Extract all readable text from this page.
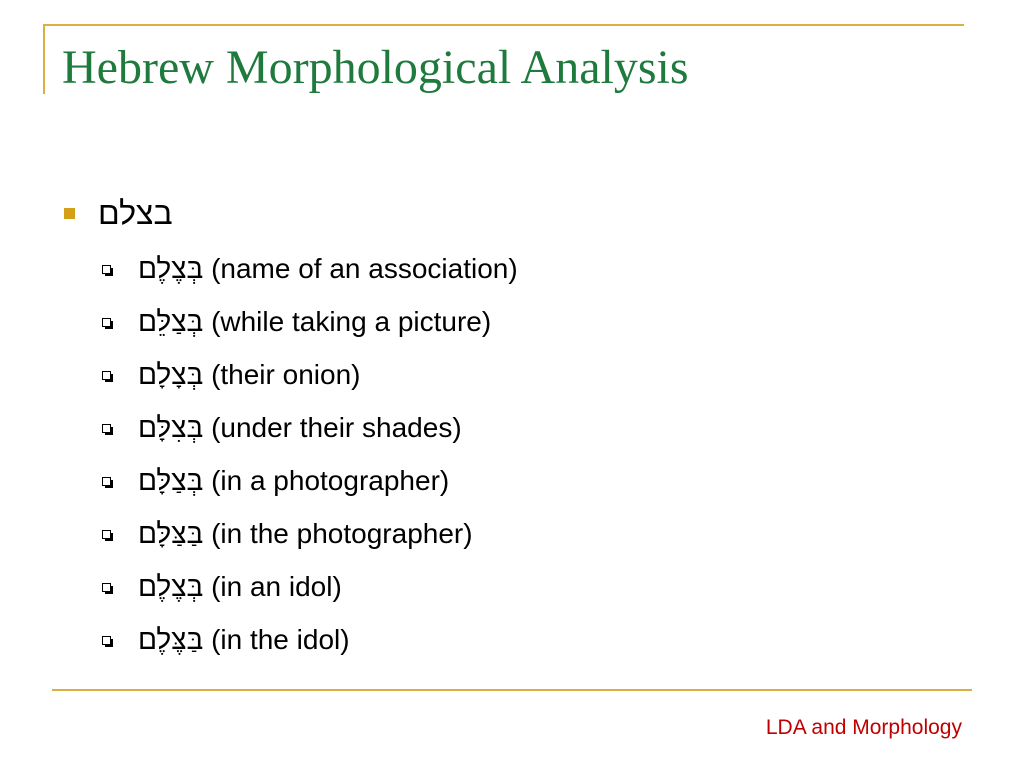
Hebrew Morphological Analysis
בצלם
בְּצֶלֶם (name of an association)
בְּצַלֵּם (while taking a picture)
בְּצָלָם (their onion)
בְּצִלָּם (under their shades)
בְּצַלָּם (in a photographer)
בַּצַּלָּם (in the photographer)
בְּצֶלֶם (in an idol)
בַּצֶּלֶם (in the idol)
LDA and Morphology
